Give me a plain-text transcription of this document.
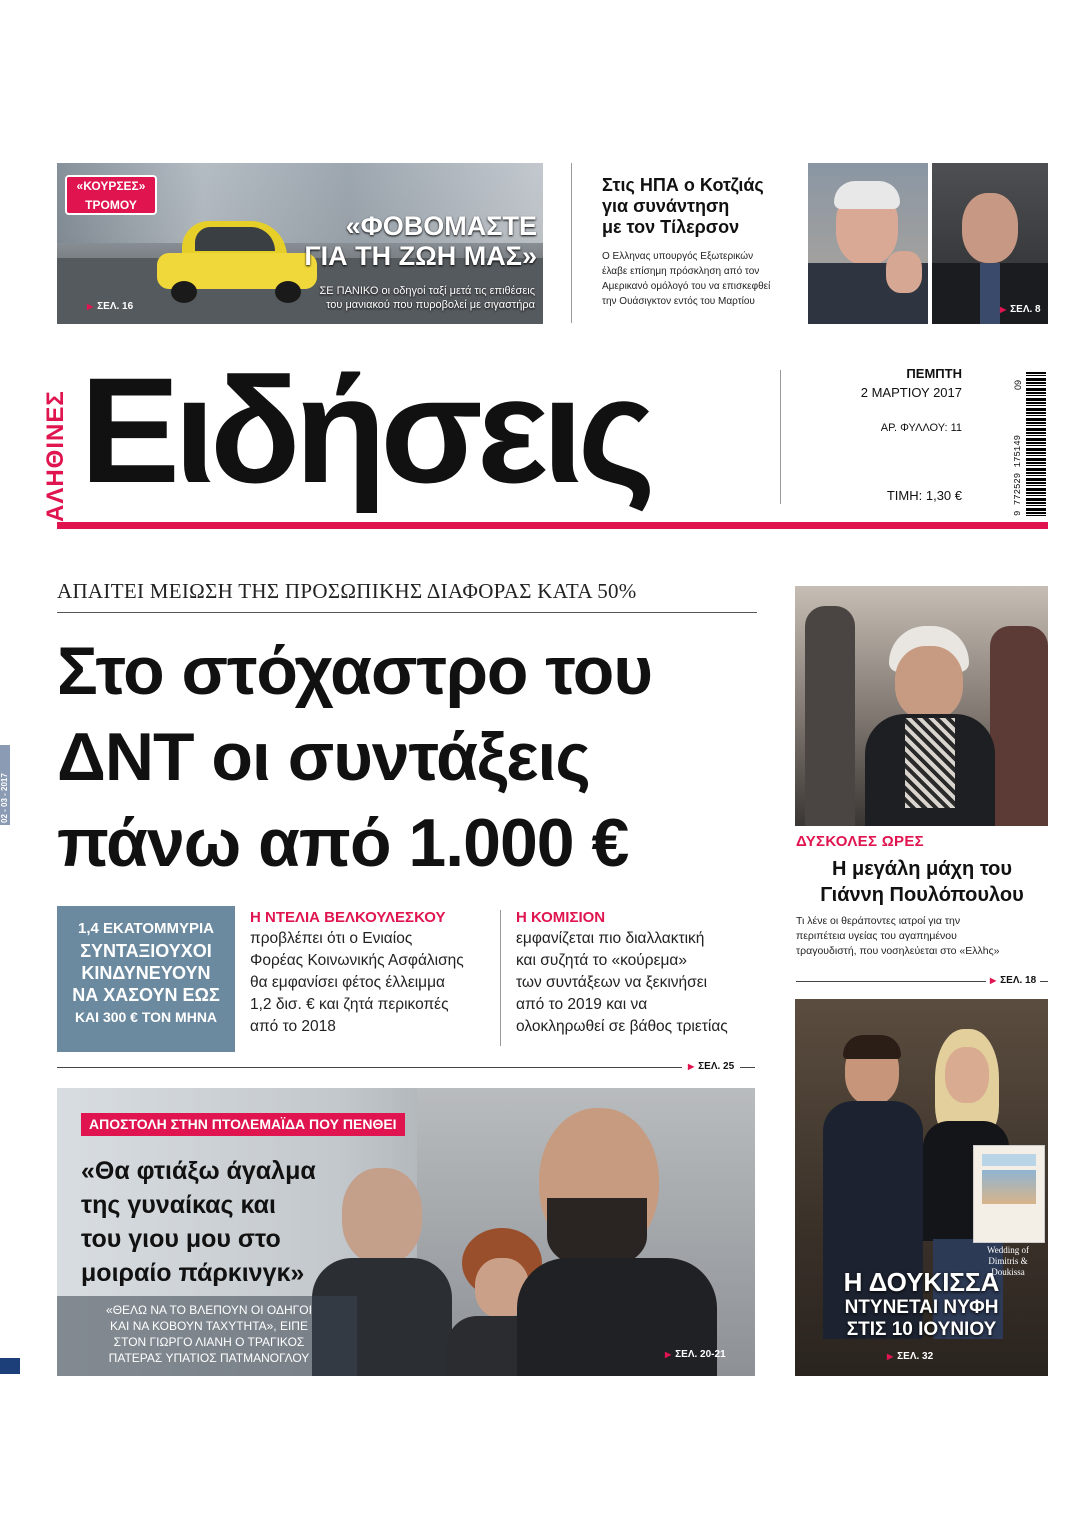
«ΚΟΥΡΣΕΣ»
ΤΡΟΜΟΥ
«ΦΟΒΟΜΑΣΤΕ
ΓΙΑ ΤΗ ΖΩΗ ΜΑΣ»
ΣΕ ΠΑΝΙΚΟ οι οδηγοί ταξί μετά τις επιθέσεις
του μανιακού που πυροβολεί με σιγαστήρα
▶ ΣΕΛ. 16
Στις ΗΠΑ ο Κοτζιάς
για συνάντηση
με τον Τίλερσον
Ο Ελληνας υπουργός Εξωτερικών
έλαβε επίσημη πρόσκληση από τον
Αμερικανό ομόλογό του να επισκεφθεί
την Ουάσιγκτον εντός του Μαρτίου
▶ ΣΕΛ. 8
ΑΛΗΘΙΝΕΣ Ειδήσεις	ΠΕΜΠΤΗ
2 ΜΑΡΤΙΟΥ 2017
ΑΡ. ΦΥΛΛΟΥ: 11
ΤΙΜΗ: 1,30 €	9 772529 175149
09
ΑΠΑΙΤΕΙ ΜΕΙΩΣΗ ΤΗΣ ΠΡΟΣΩΠΙΚΗΣ ΔΙΑΦΟΡΑΣ ΚΑΤΑ 50%
Στο στόχαστρο του
ΔΝΤ οι συντάξεις
πάνω από 1.000 €
1,4 ΕΚΑΤΟΜΜΥΡΙΑ
ΣΥΝΤΑΞΙΟΥΧΟΙ
ΚΙΝΔΥΝΕΥΟΥΝ
ΝΑ ΧΑΣΟΥΝ ΕΩΣ
ΚΑΙ 300 € ΤΟΝ ΜΗΝΑ
Η ΝΤΕΛΙΑ ΒΕΛΚΟΥΛΕΣΚΟΥ
προβλέπει ότι ο Ενιαίος
Φορέας Κοινωνικής Ασφάλισης
θα εμφανίσει φέτος έλλειμμα
1,2 δισ. € και ζητά περικοπές
από το 2018
Η ΚΟΜΙΣΙΟΝ
εμφανίζεται πιο διαλλακτική
και συζητά το «κούρεμα»
των συντάξεων να ξεκινήσει
από το 2019 και να
ολοκληρωθεί σε βάθος τριετίας
▶ ΣΕΛ. 25
ΑΠΟΣΤΟΛΗ ΣΤΗΝ ΠΤΟΛΕΜΑΪΔΑ ΠΟΥ ΠΕΝΘΕΙ
«Θα φτιάξω άγαλμα
της γυναίκας και
του γιου μου στο
μοιραίο πάρκινγκ»
«ΘΕΛΩ ΝΑ ΤΟ ΒΛΕΠΟΥΝ ΟΙ ΟΔΗΓΟΙ
ΚΑΙ ΝΑ ΚΟΒΟΥΝ ΤΑΧΥΤΗΤΑ», ΕΙΠΕ
ΣΤΟΝ ΓΙΩΡΓΟ ΛΙΑΝΗ Ο ΤΡΑΓΙΚΟΣ
ΠΑΤΕΡΑΣ ΥΠΑΤΙΟΣ ΠΑΤΜΑΝΟΓΛΟΥ
▶	ΣΕΛ. 20-21
ΔΥΣΚΟΛΕΣ ΩΡΕΣ
Η μεγάλη μάχη του
Γιάννη Πουλόπουλου
Τι λένε οι θεράποντες ιατροί για την
περιπέτεια υγείας του αγαπημένου
τραγουδιστή, που νοσηλεύεται στο «Ελλhς»
▶ ΣΕΛ. 18
Wedding of
Dimitris &
Doukissa
Η ΔΟΥΚΙΣΣΑ
ΝΤΥΝΕΤΑΙ ΝΥΦΗ
ΣΤΙΣ 10 ΙΟΥΝΙΟΥ
▶ ΣΕΛ. 32
02 - 03 - 2017
